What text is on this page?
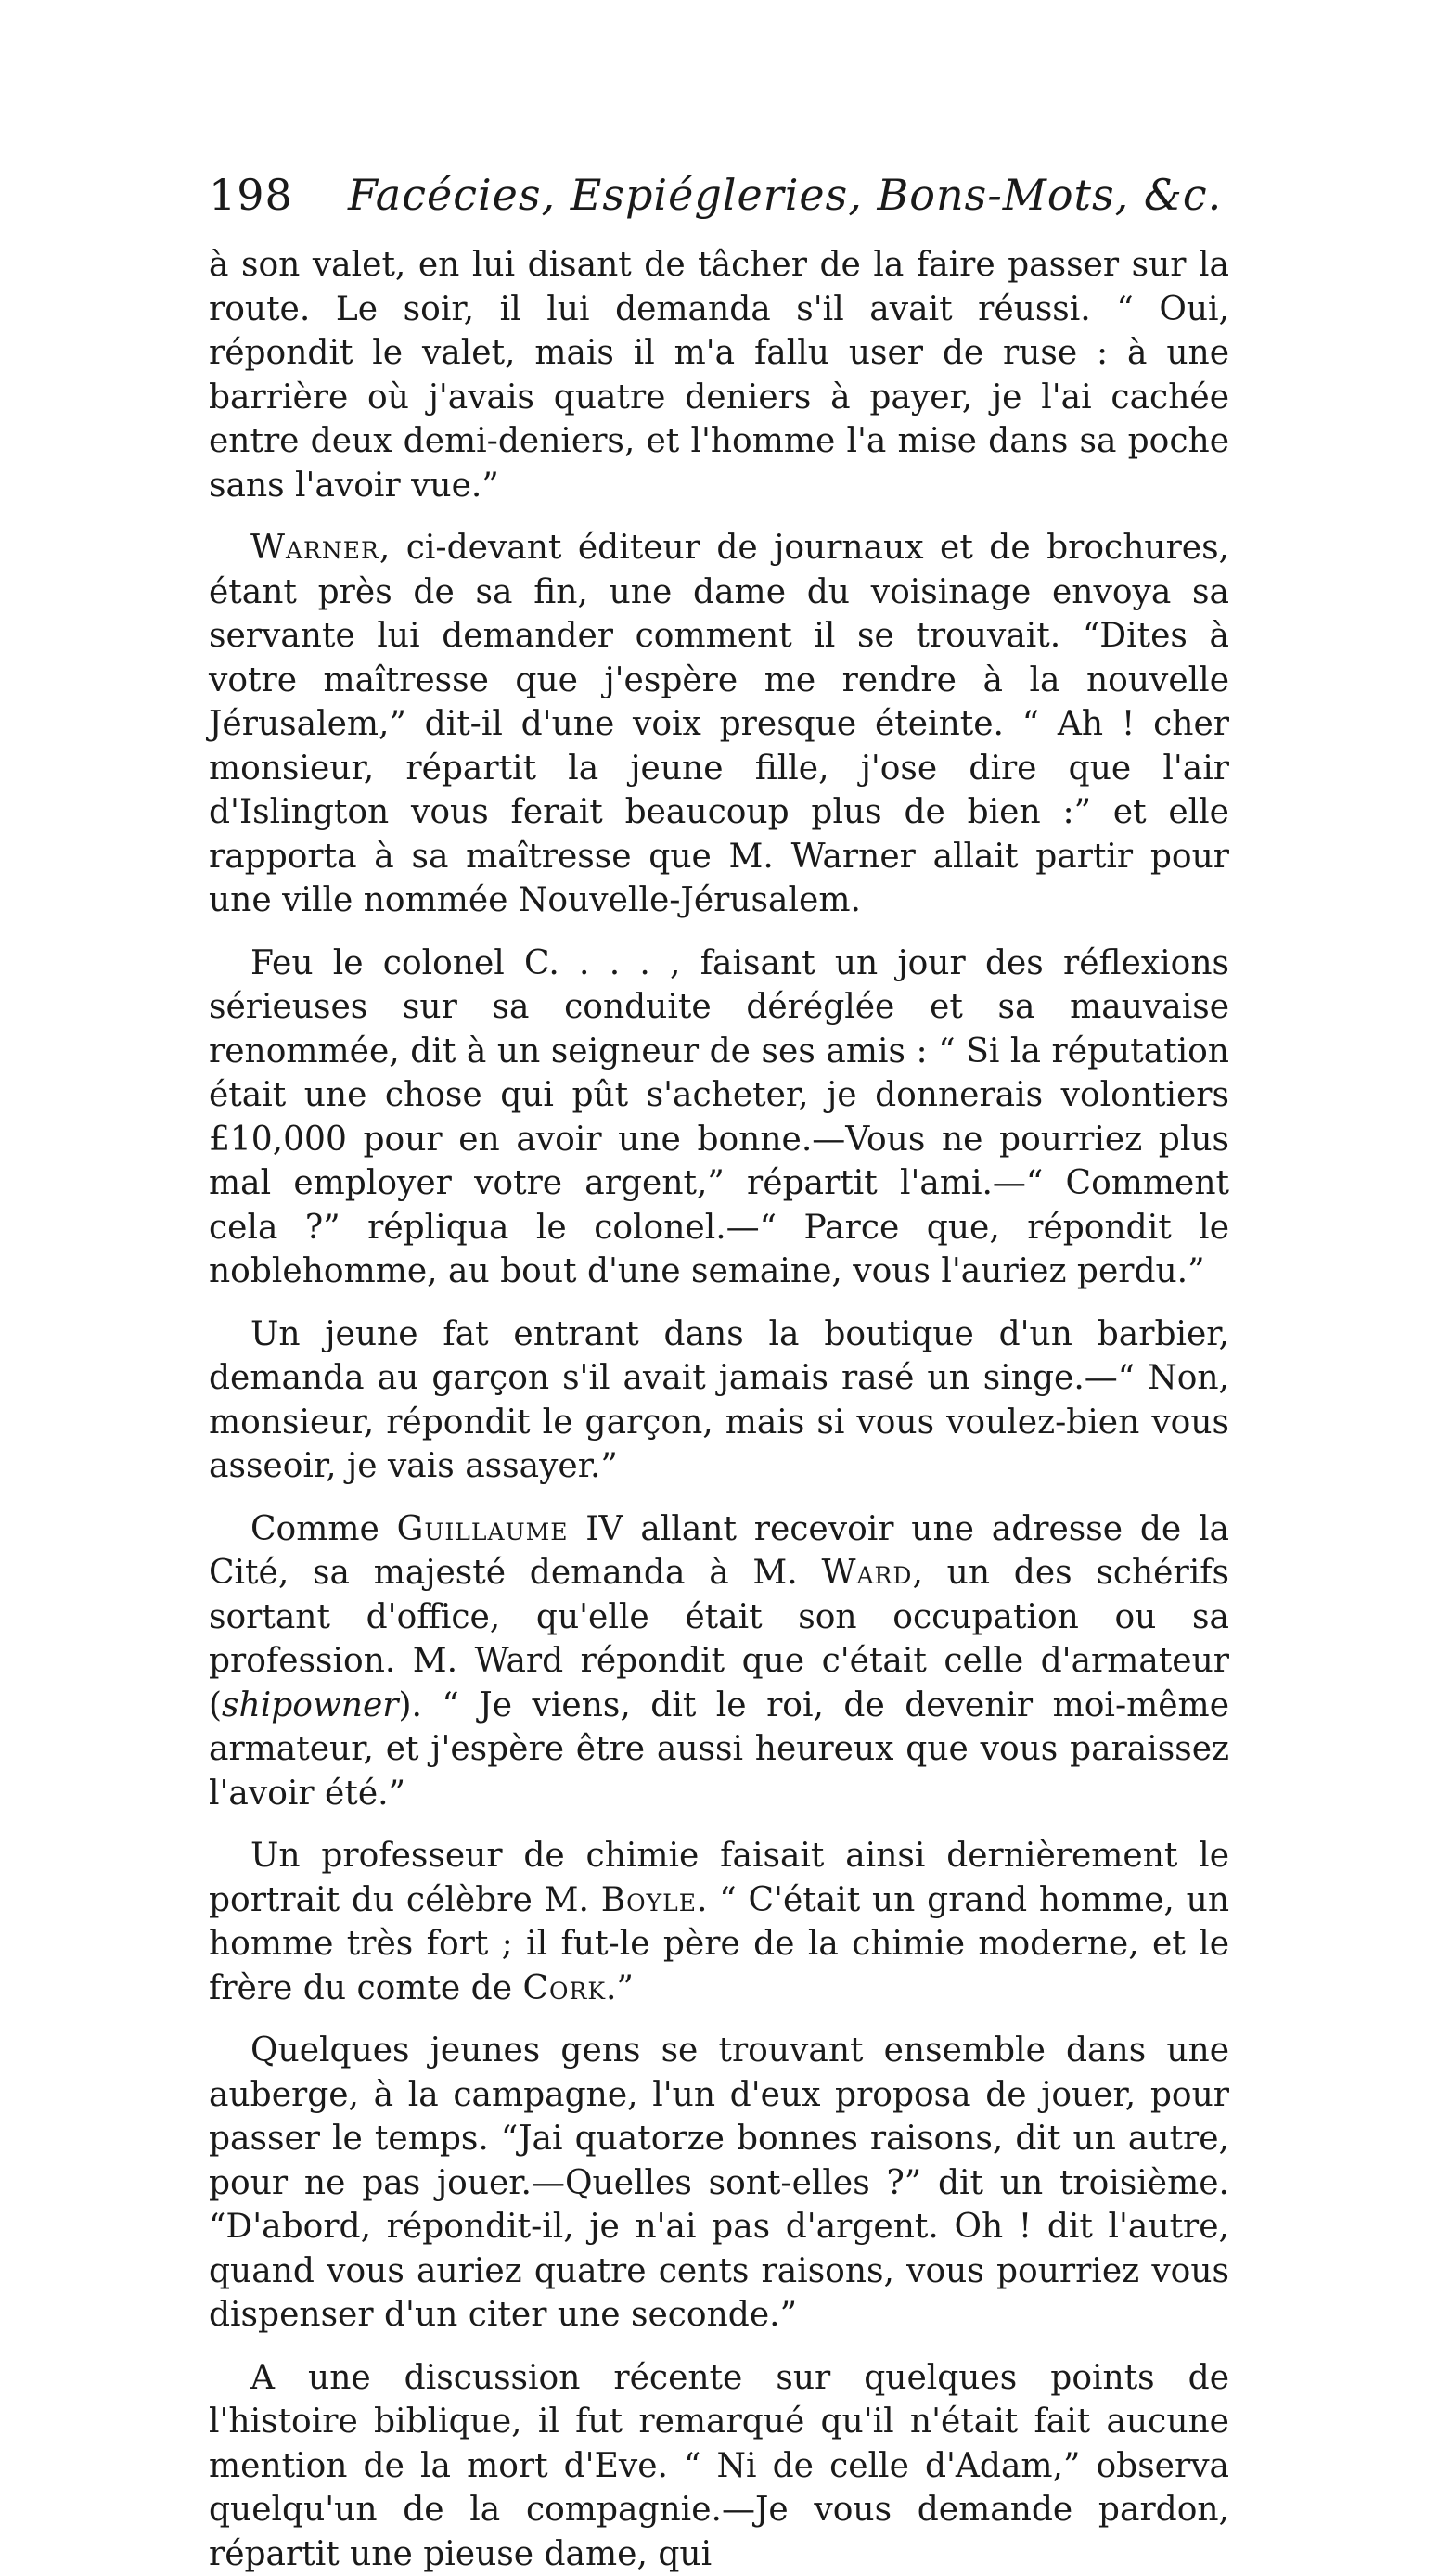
198	Facécies, Espiégleries, Bons-Mots, &c.

à son valet, en lui disant de tâcher de la faire passer sur la route. Le soir, il lui demanda s'il avait réussi. “ Oui, répondit le valet, mais il m'a fallu user de ruse : à une barrière où j'avais quatre deniers à payer, je l'ai cachée entre deux demi-deniers, et l'homme l'a mise dans sa poche sans l'avoir vue.”

Warner, ci-devant éditeur de journaux et de brochures, étant près de sa fin, une dame du voisinage envoya sa servante lui demander comment il se trouvait. “Dites à votre maîtresse que j'espère me rendre à la nouvelle Jérusalem,” dit-il d'une voix presque éteinte. “ Ah ! cher monsieur, répartit la jeune fille, j'ose dire que l'air d'Islington vous ferait beaucoup plus de bien :” et elle rapporta à sa maîtresse que M. Warner allait partir pour une ville nommée Nouvelle-Jérusalem.

Feu le colonel C. . . . , faisant un jour des réflexions sérieuses sur sa conduite déréglée et sa mauvaise renommée, dit à un seigneur de ses amis : “ Si la réputation était une chose qui pût s'acheter, je donnerais volontiers £10,000 pour en avoir une bonne.—Vous ne pourriez plus mal employer votre argent,” répartit l'ami.—“ Comment cela ?” répliqua le colonel.—“ Parce que, répondit le noblehomme, au bout d'une semaine, vous l'auriez perdu.”

Un jeune fat entrant dans la boutique d'un barbier, demanda au garçon s'il avait jamais rasé un singe.—“ Non, monsieur, répondit le garçon, mais si vous voulez-bien vous asseoir, je vais assayer.”

Comme Guillaume IV allant recevoir une adresse de la Cité, sa majesté demanda à M. Ward, un des schérifs sortant d'office, qu'elle était son occupation ou sa profession. M. Ward répondit que c'était celle d'armateur (shipowner). “ Je viens, dit le roi, de devenir moi-même armateur, et j'espère être aussi heureux que vous paraissez l'avoir été.”

Un professeur de chimie faisait ainsi dernièrement le portrait du célèbre M. Boyle. “ C'était un grand homme, un homme très fort ; il fut-le père de la chimie moderne, et le frère du comte de Cork.”

Quelques jeunes gens se trouvant ensemble dans une auberge, à la campagne, l'un d'eux proposa de jouer, pour passer le temps. “Jai quatorze bonnes raisons, dit un autre, pour ne pas jouer.—Quelles sont-elles ?” dit un troisième. “D'abord, répondit-il, je n'ai pas d'argent. Oh ! dit l'autre, quand vous auriez quatre cents raisons, vous pourriez vous dispenser d'un citer une seconde.”

A une discussion récente sur quelques points de l'histoire biblique, il fut remarqué qu'il n'était fait aucune mention de la mort d'Eve. “ Ni de celle d'Adam,” observa quelqu'un de la compagnie.—Je vous demande pardon, répartit une pieuse dame, qui
